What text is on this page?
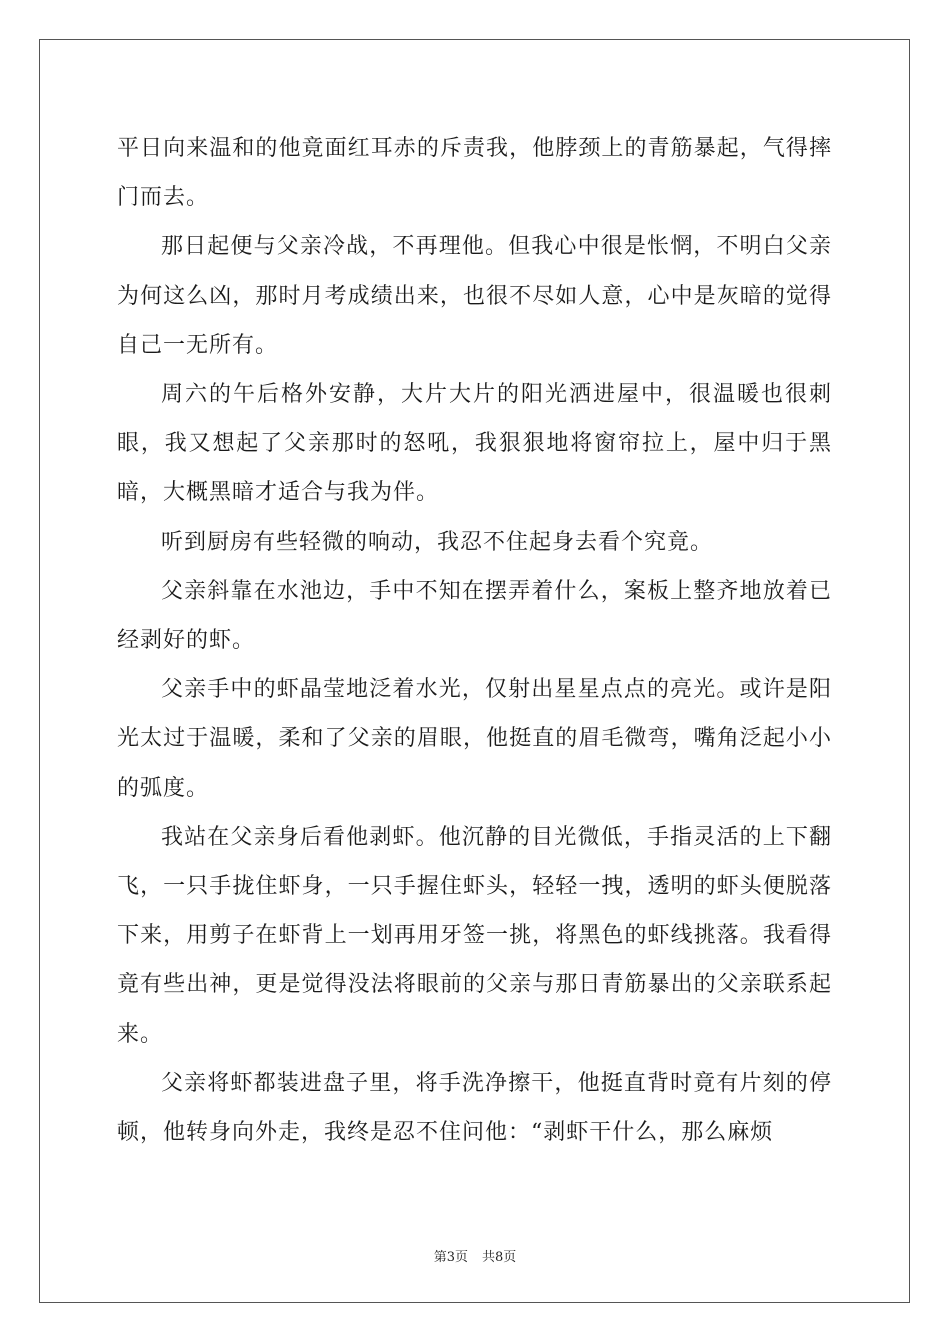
平日向来温和的他竟面红耳赤的斥责我，他脖颈上的青筋暴起，气得摔门而去。

那日起便与父亲冷战，不再理他。但我心中很是怅惘，不明白父亲为何这么凶，那时月考成绩出来，也很不尽如人意，心中是灰暗的觉得自己一无所有。

周六的午后格外安静，大片大片的阳光洒进屋中，很温暖也很刺眼，我又想起了父亲那时的怒吼，我狠狠地将窗帘拉上，屋中归于黑暗，大概黑暗才适合与我为伴。

听到厨房有些轻微的响动，我忍不住起身去看个究竟。

父亲斜靠在水池边，手中不知在摆弄着什么，案板上整齐地放着已经剥好的虾。

父亲手中的虾晶莹地泛着水光，仅射出星星点点的亮光。或许是阳光太过于温暖，柔和了父亲的眉眼，他挺直的眉毛微弯，嘴角泛起小小的弧度。

我站在父亲身后看他剥虾。他沉静的目光微低，手指灵活的上下翻飞，一只手拢住虾身，一只手握住虾头，轻轻一拽，透明的虾头便脱落下来，用剪子在虾背上一划再用牙签一挑，将黑色的虾线挑落。我看得竟有些出神，更是觉得没法将眼前的父亲与那日青筋暴出的父亲联系起来。

父亲将虾都装进盘子里，将手洗净擦干，他挺直背时竟有片刻的停顿，他转身向外走，我终是忍不住问他：“剥虾干什么，那么麻烦

第3页 共8页
